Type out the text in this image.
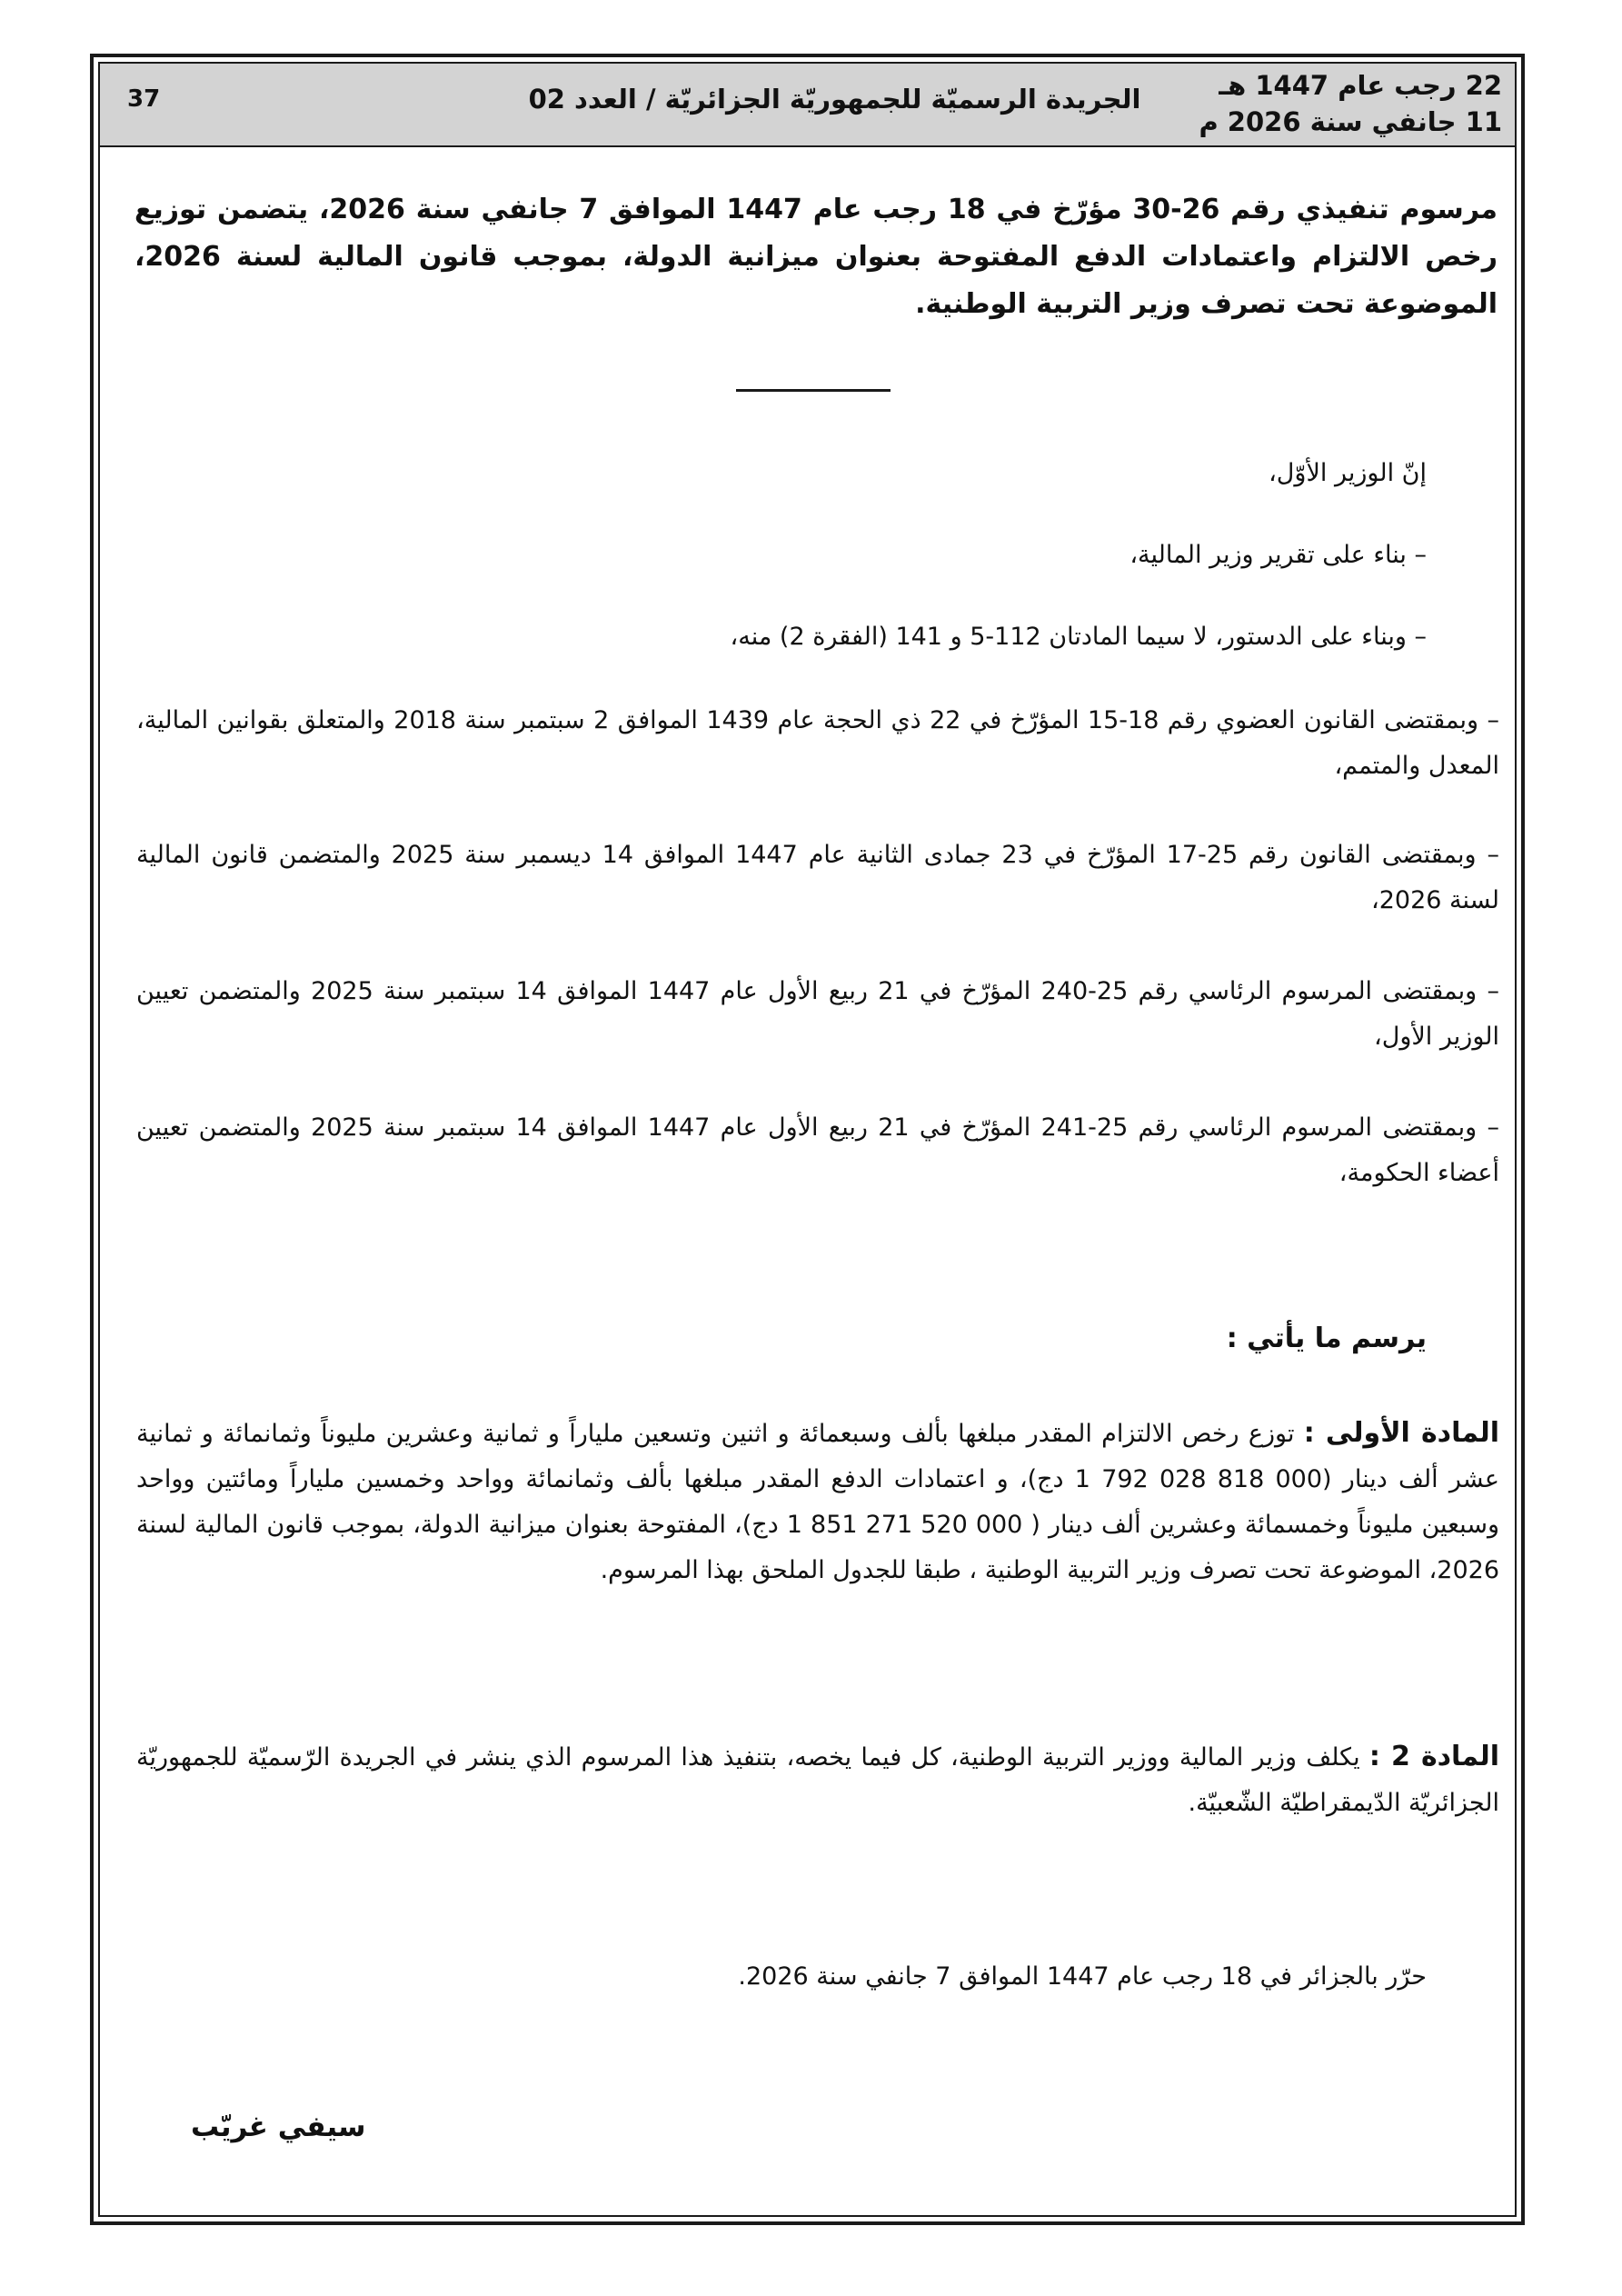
22 رجب عام 1447 هـ
11 جانفي سنة 2026 م
الجريدة الرسميّة للجمهوريّة الجزائريّة / العدد 02
37
مرسوم تنفيذي رقم 26-30 مؤرّخ في 18 رجب عام 1447 الموافق 7 جانفي سنة 2026، يتضمن توزيع رخص الالتزام واعتمادات الدفع المفتوحة بعنوان ميزانية الدولة، بموجب قانون المالية لسنة 2026، الموضوعة تحت تصرف وزير التربية الوطنية.
إنّ الوزير الأوّل،
– بناء على تقرير وزير المالية،
– وبناء على الدستور، لا سيما المادتان 112-5 و 141 (الفقرة 2) منه،
– وبمقتضى القانون العضوي رقم 18-15 المؤرّخ في 22 ذي الحجة عام 1439 الموافق 2 سبتمبر سنة 2018 والمتعلق بقوانين المالية، المعدل والمتمم،
– وبمقتضى القانون رقم 25-17 المؤرّخ في 23 جمادى الثانية عام 1447 الموافق 14 ديسمبر سنة 2025 والمتضمن قانون المالية لسنة 2026،
– وبمقتضى المرسوم الرئاسي رقم 25-240 المؤرّخ في 21 ربيع الأول عام 1447 الموافق 14 سبتمبر سنة 2025 والمتضمن تعيين الوزير الأول،
– وبمقتضى المرسوم الرئاسي رقم 25-241 المؤرّخ في 21 ربيع الأول عام 1447 الموافق 14 سبتمبر سنة 2025 والمتضمن تعيين أعضاء الحكومة،
يرسم ما يأتي :
المادة الأولى : توزع رخص الالتزام المقدر مبلغها بألف وسبعمائة و اثنين وتسعين ملياراً و ثمانية وعشرين مليوناً وثمانمائة و ثمانية عشر ألف دينار (000 818 028 792 1 دج)، و اعتمادات الدفع المقدر مبلغها بألف وثمانمائة وواحد وخمسين ملياراً ومائتين وواحد وسبعين مليوناً وخمسمائة وعشرين ألف دينار ( 000 520 271 851 1 دج)، المفتوحة بعنوان ميزانية الدولة، بموجب قانون المالية لسنة 2026، الموضوعة تحت تصرف وزير التربية الوطنية ، طبقا للجدول الملحق بهذا المرسوم.
المادة 2 : يكلف وزير المالية ووزير التربية الوطنية، كل فيما يخصه، بتنفيذ هذا المرسوم الذي ينشر في الجريدة الرّسميّة للجمهوريّة الجزائريّة الدّيمقراطيّة الشّعبيّة.
حرّر بالجزائر في 18 رجب عام 1447 الموافق 7 جانفي سنة 2026.
سيفي غريّب
